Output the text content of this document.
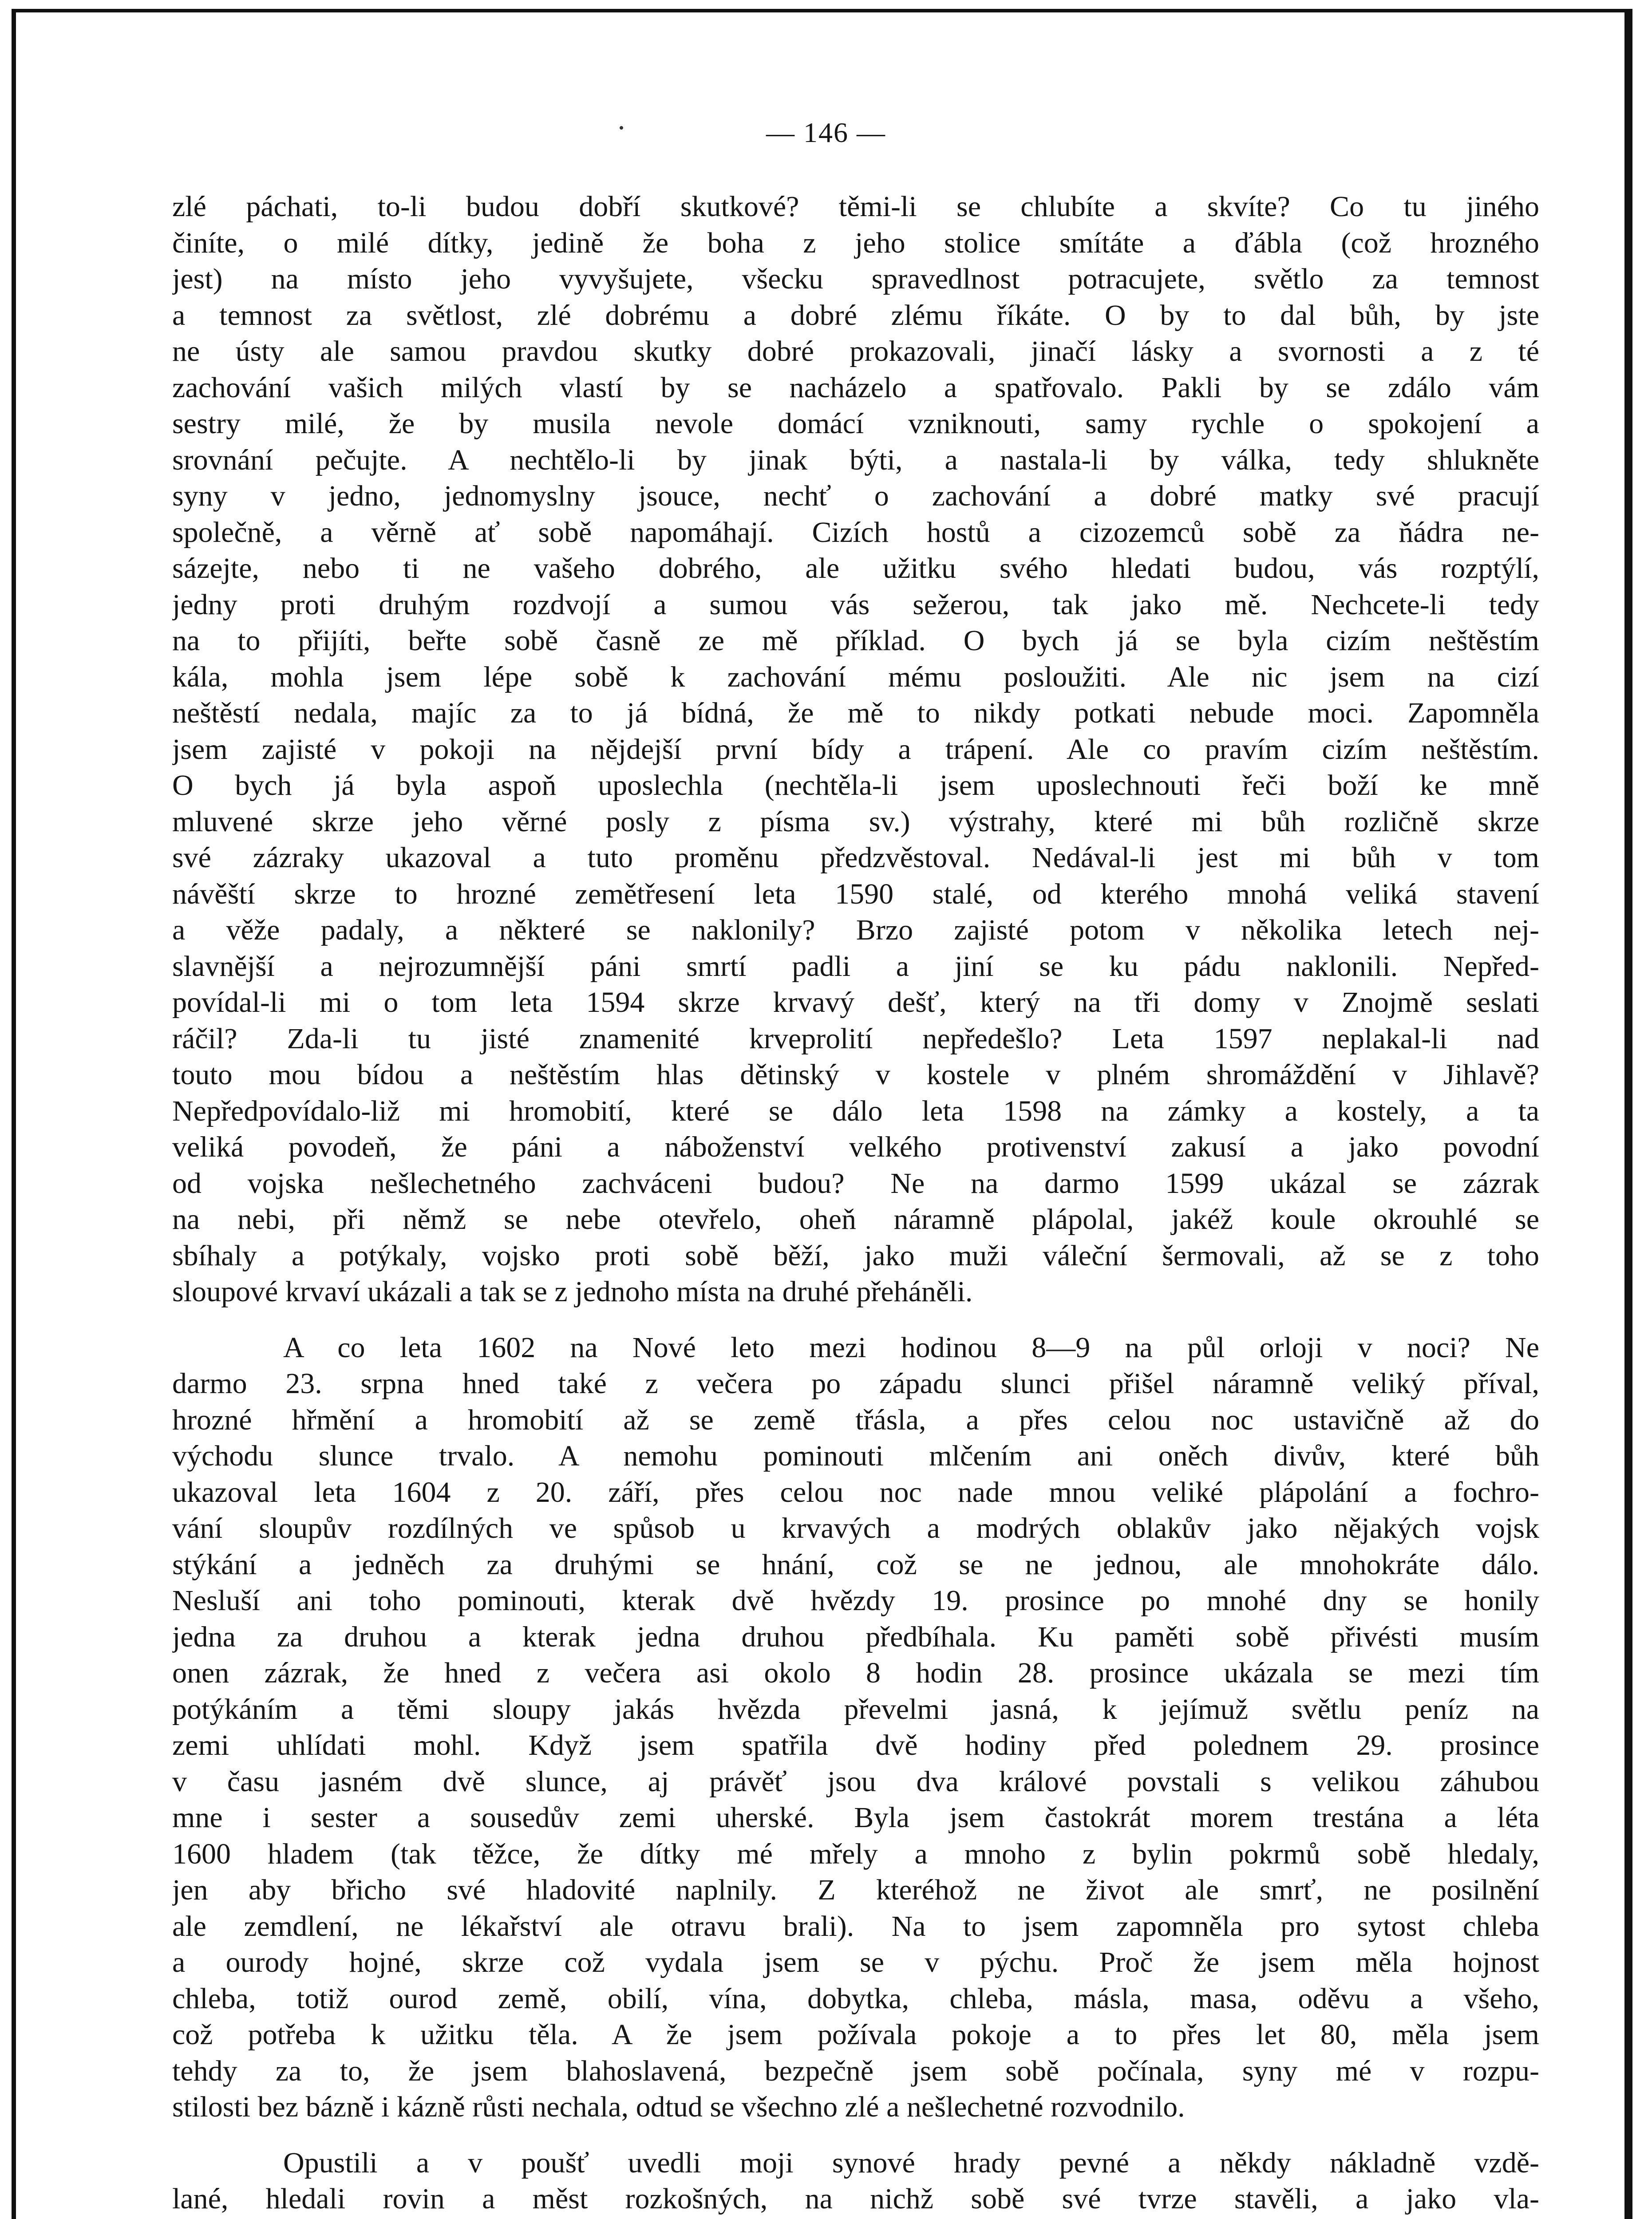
— 146 —
zlé páchati, to-li budou dobří skutkové? těmi-li se chlubíte a skvíte? Co tu jiného
činíte, o milé dítky, jedině že boha z jeho stolice smítáte a ďábla (což hrozného
jest) na místo jeho vyvyšujete, všecku spravedlnost potracujete, světlo za temnost
a temnost za světlost, zlé dobrému a dobré zlému říkáte. O by to dal bůh, by jste
ne ústy ale samou pravdou skutky dobré prokazovali, jinačí lásky a svornosti a z té
zachování vašich milých vlastí by se nacházelo a spatřovalo. Pakli by se zdálo vám
sestry milé, že by musila nevole domácí vzniknouti, samy rychle o spokojení a
srovnání pečujte. A nechtělo-li by jinak býti, a nastala-li by válka, tedy shlukněte
syny v jedno, jednomyslny jsouce, nechť o zachování a dobré matky své pracují
společně, a věrně ať sobě napomáhají. Cizích hostů a cizozemců sobě za ňádra ne-
sázejte, nebo ti ne vašeho dobrého, ale užitku svého hledati budou, vás rozptýlí,
jedny proti druhým rozdvojí a sumou vás sežerou, tak jako mě. Nechcete-li tedy
na to přijíti, beřte sobě časně ze mě příklad. O bych já se byla cizím neštěstím
kála, mohla jsem lépe sobě k zachování mému posloužiti. Ale nic jsem na cizí
neštěstí nedala, majíc za to já bídná, že mě to nikdy potkati nebude moci. Zapomněla
jsem zajisté v pokoji na nějdejší první bídy a trápení. Ale co pravím cizím neštěstím.
O bych já byla aspoň uposlechla (nechtěla-li jsem uposlechnouti řeči boží ke mně
mluvené skrze jeho věrné posly z písma sv.) výstrahy, které mi bůh rozličně skrze
své zázraky ukazoval a tuto proměnu předzvěstoval. Nedával-li jest mi bůh v tom
návěští skrze to hrozné zemětřesení leta 1590 stalé, od kterého mnohá veliká stavení
a věže padaly, a některé se naklonily? Brzo zajisté potom v několika letech nej-
slavnější a nejrozumnější páni smrtí padli a jiní se ku pádu naklonili. Nepřed-
povídal-li mi o tom leta 1594 skrze krvavý dešť, který na tři domy v Znojmě seslati
ráčil? Zda-li tu jisté znamenité krveprolití nepředešlo? Leta 1597 neplakal-li nad
touto mou bídou a neštěstím hlas dětinský v kostele v plném shromáždění v Jihlavě?
Nepředpovídalo-liž mi hromobití, které se dálo leta 1598 na zámky a kostely, a ta
veliká povodeň, že páni a náboženství velkého protivenství zakusí a jako povodní
od vojska nešlechetného zachváceni budou? Ne na darmo 1599 ukázal se zázrak
na nebi, při němž se nebe otevřelo, oheň náramně plápolal, jakéž koule okrouhlé se
sbíhaly a potýkaly, vojsko proti sobě běží, jako muži váleční šermovali, až se z toho
sloupové krvaví ukázali a tak se z jednoho místa na druhé přeháněli.
A co leta 1602 na Nové leto mezi hodinou 8—9 na půl orloji v noci? Ne
darmo 23. srpna hned také z večera po západu slunci přišel náramně veliký příval,
hrozné hřmění a hromobití až se země třásla, a přes celou noc ustavičně až do
východu slunce trvalo. A nemohu pominouti mlčením ani oněch divův, které bůh
ukazoval leta 1604 z 20. září, přes celou noc nade mnou veliké plápolání a fochro-
vání sloupův rozdílných ve spůsob u krvavých a modrých oblakův jako nějakých vojsk
stýkání a jedněch za druhými se hnání, což se ne jednou, ale mnohokráte dálo.
Nesluší ani toho pominouti, kterak dvě hvězdy 19. prosince po mnohé dny se honily
jedna za druhou a kterak jedna druhou předbíhala. Ku paměti sobě přivésti musím
onen zázrak, že hned z večera asi okolo 8 hodin 28. prosince ukázala se mezi tím
potýkáním a těmi sloupy jakás hvězda převelmi jasná, k jejímuž světlu peníz na
zemi uhlídati mohl. Když jsem spatřila dvě hodiny před polednem 29. prosince
v času jasném dvě slunce, aj právěť jsou dva králové povstali s velikou záhubou
mne i sester a sousedův zemi uherské. Byla jsem častokrát morem trestána a léta
1600 hladem (tak těžce, že dítky mé mřely a mnoho z bylin pokrmů sobě hledaly,
jen aby břicho své hladovité naplnily. Z kteréhož ne život ale smrť, ne posilnění
ale zemdlení, ne lékařství ale otravu brali). Na to jsem zapomněla pro sytost chleba
a ourody hojné, skrze což vydala jsem se v pýchu. Proč že jsem měla hojnost
chleba, totiž ourod země, obilí, vína, dobytka, chleba, másla, masa, oděvu a všeho,
což potřeba k užitku těla. A že jsem požívala pokoje a to přes let 80, měla jsem
tehdy za to, že jsem blahoslavená, bezpečně jsem sobě počínala, syny mé v rozpu-
stilosti bez bázně i kázně růsti nechala, odtud se všechno zlé a nešlechetné rozvodnilo.
Opustili a v poušť uvedli moji synové hrady pevné a někdy nákladně vzdě-
lané, hledali rovin a měst rozkošných, na nichž sobě své tvrze stavěli, a jako vla-
